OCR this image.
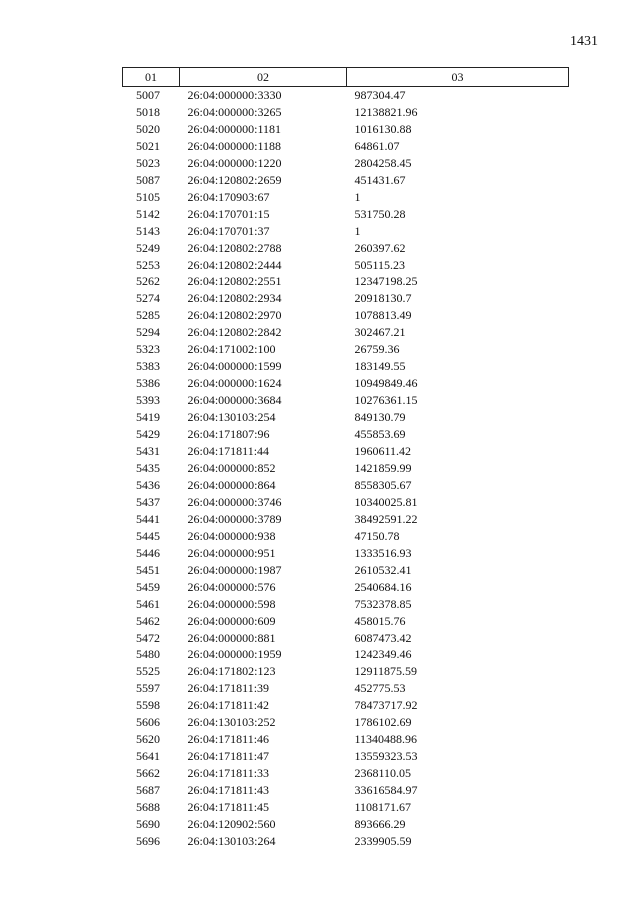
1431
01	02	03
5007	26:04:000000:3330	987304.47
5018	26:04:000000:3265	12138821.96
5020	26:04:000000:1181	1016130.88
5021	26:04:000000:1188	64861.07
5023	26:04:000000:1220	2804258.45
5087	26:04:120802:2659	451431.67
5105	26:04:170903:67	1
5142	26:04:170701:15	531750.28
5143	26:04:170701:37	1
5249	26:04:120802:2788	260397.62
5253	26:04:120802:2444	505115.23
5262	26:04:120802:2551	12347198.25
5274	26:04:120802:2934	20918130.7
5285	26:04:120802:2970	1078813.49
5294	26:04:120802:2842	302467.21
5323	26:04:171002:100	26759.36
5383	26:04:000000:1599	183149.55
5386	26:04:000000:1624	10949849.46
5393	26:04:000000:3684	10276361.15
5419	26:04:130103:254	849130.79
5429	26:04:171807:96	455853.69
5431	26:04:171811:44	1960611.42
5435	26:04:000000:852	1421859.99
5436	26:04:000000:864	8558305.67
5437	26:04:000000:3746	10340025.81
5441	26:04:000000:3789	38492591.22
5445	26:04:000000:938	47150.78
5446	26:04:000000:951	1333516.93
5451	26:04:000000:1987	2610532.41
5459	26:04:000000:576	2540684.16
5461	26:04:000000:598	7532378.85
5462	26:04:000000:609	458015.76
5472	26:04:000000:881	6087473.42
5480	26:04:000000:1959	1242349.46
5525	26:04:171802:123	12911875.59
5597	26:04:171811:39	452775.53
5598	26:04:171811:42	78473717.92
5606	26:04:130103:252	1786102.69
5620	26:04:171811:46	11340488.96
5641	26:04:171811:47	13559323.53
5662	26:04:171811:33	2368110.05
5687	26:04:171811:43	33616584.97
5688	26:04:171811:45	1108171.67
5690	26:04:120902:560	893666.29
5696	26:04:130103:264	2339905.59
